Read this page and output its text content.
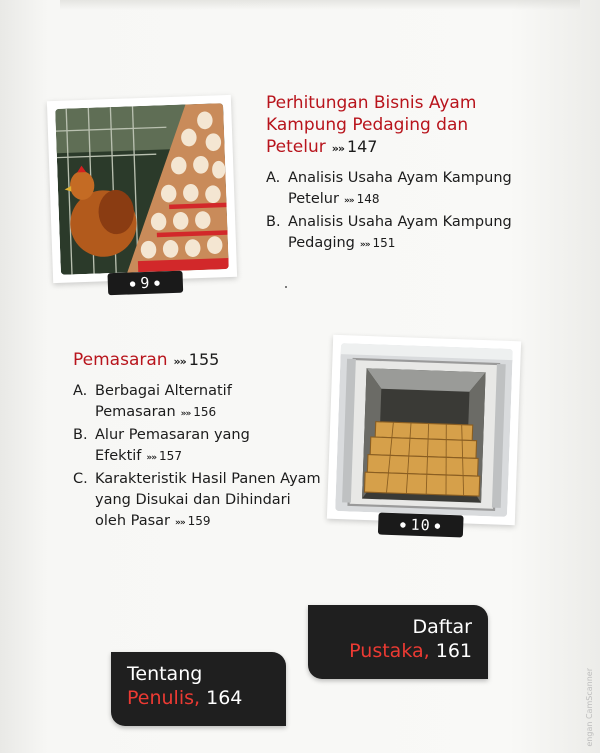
● 9 ●
Perhitungan Bisnis Ayam Kampung Pedaging dan Petelur »» 147
A. Analisis Usaha Ayam Kampung Petelur »» 148
B. Analisis Usaha Ayam Kampung Pedaging »» 151
Pemasaran »» 155
A. Berbagai Alternatif Pemasaran »» 156
B. Alur Pemasaran yang Efektif »» 157
C. Karakteristik Hasil Panen Ayam yang Disukai dan Dihindari oleh Pasar »» 159	● 10 ●
Daftar
Pustaka, 161
Tentang
Penulis, 164	engan CamScanner
